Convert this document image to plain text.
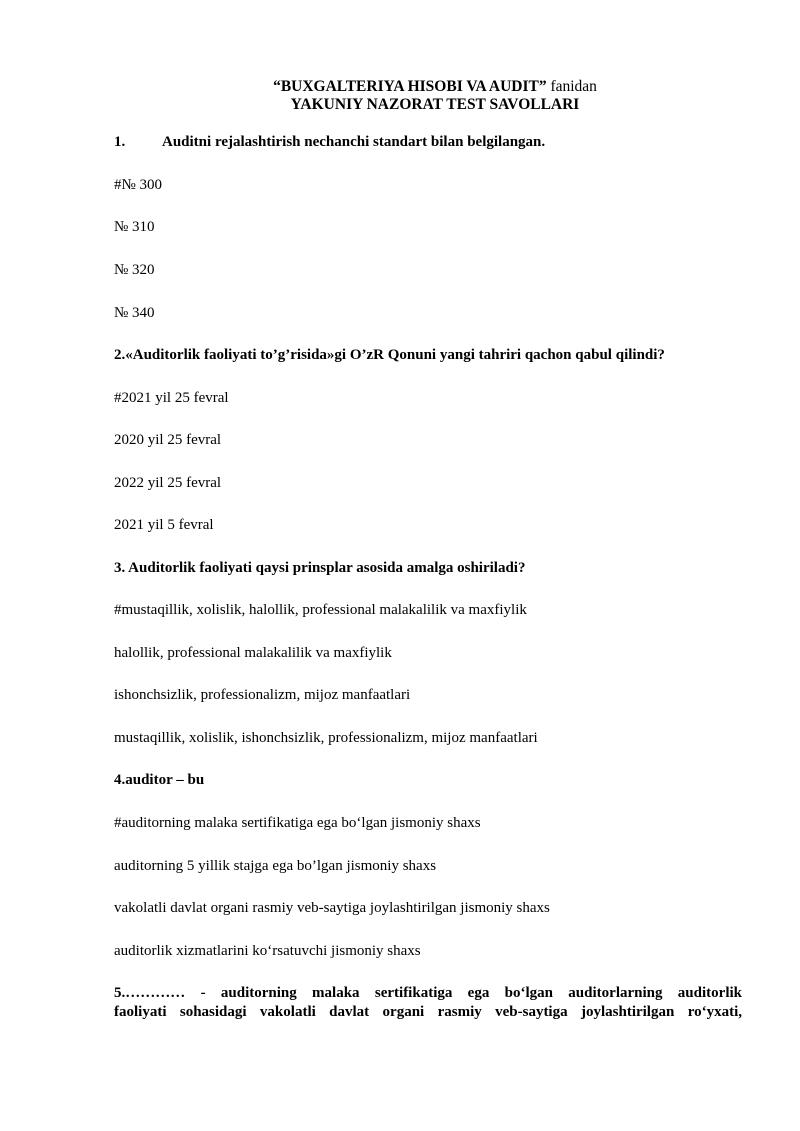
“BUXGALTERIYA HISOBI VA AUDIT” fanidan
YAKUNIY NAZORAT TEST SAVOLLARI
1. Auditni rejalashtirish nechanchi standart bilan belgilangan.
#№ 300
№ 310
№ 320
№ 340
2.«Auditorlik faoliyati to’g’risida»gi O’zR Qonuni yangi tahriri qachon qabul qilindi?
#2021 yil 25 fevral
2020 yil 25 fevral
2022 yil 25 fevral
2021 yil 5 fevral
3. Auditorlik faoliyati qaysi prinsplar asosida amalga oshiriladi?
#mustaqillik, xolislik, halollik, professional malakalilik va maxfiylik
halollik, professional malakalilik va maxfiylik
ishonchsizlik, professionalizm, mijoz manfaatlari
mustaqillik, xolislik, ishonchsizlik, professionalizm, mijoz manfaatlari
4.auditor – bu
#auditorning malaka sertifikatiga ega boʻlgan jismoniy shaxs
auditorning 5 yillik stajga ega bo’lgan jismoniy shaxs
vakolatli davlat organi rasmiy veb-saytiga joylashtirilgan jismoniy shaxs
auditorlik xizmatlarini koʻrsatuvchi jismoniy shaxs
5.………… - auditorning malaka sertifikatiga ega boʻlgan auditorlarning auditorlik
faoliyati sohasidagi vakolatli davlat organi rasmiy veb-saytiga joylashtirilgan roʻyxati,
